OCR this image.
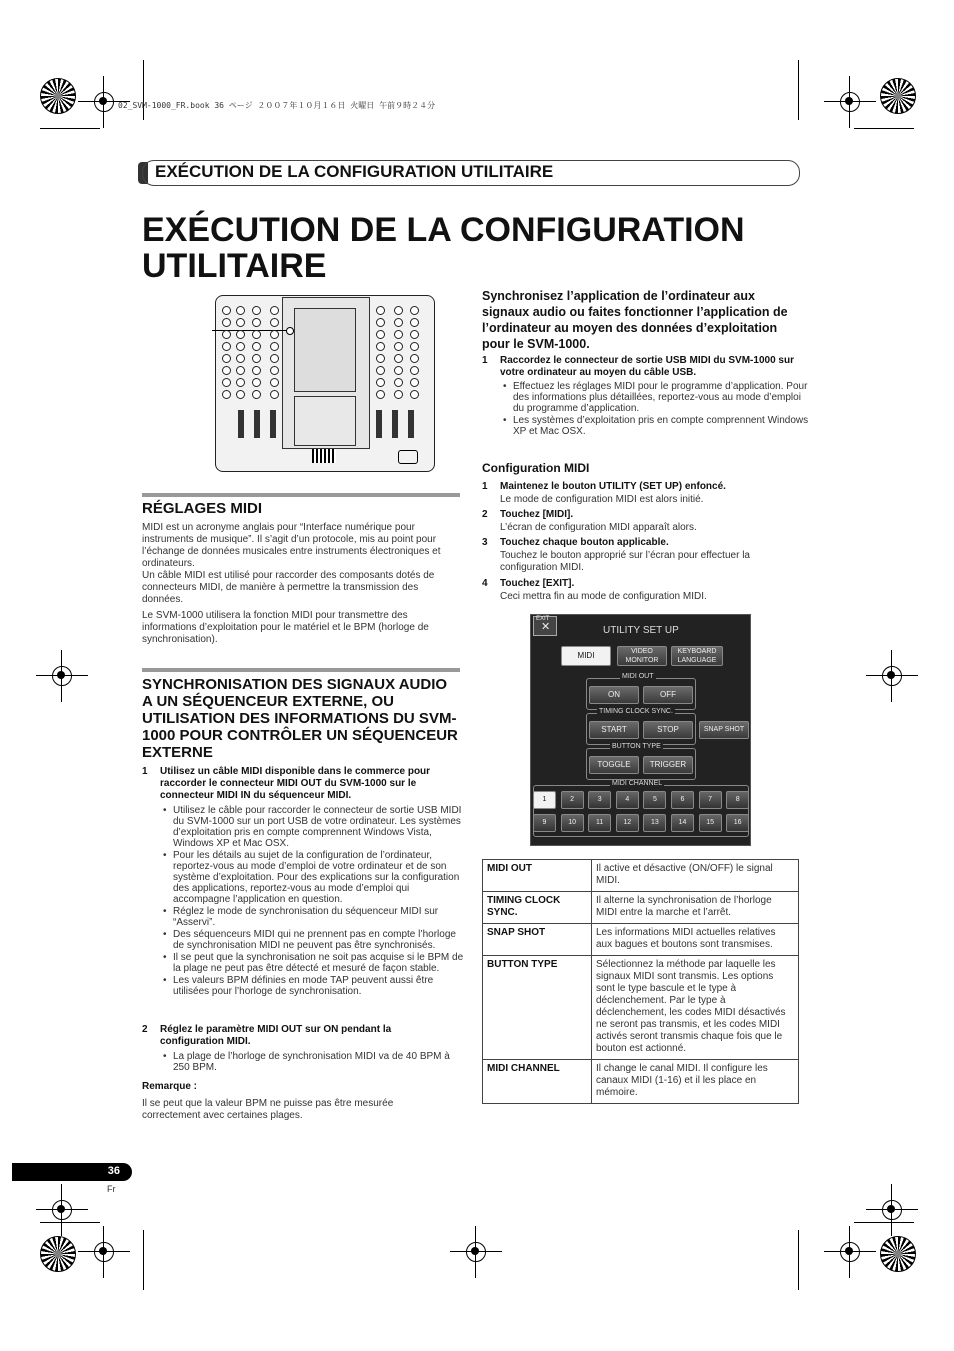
02_SVM-1000_FR.book 36 ページ ２００７年１０月１６日 火曜日 午前９時２４分
EXÉCUTION DE LA CONFIGURATION UTILITAIRE
EXÉCUTION DE LA CONFIGURATION UTILITAIRE
RÉGLAGES MIDI

MIDI est un acronyme anglais pour “Interface numérique pour instruments de musique”. Il s’agit d’un protocole, mis au point pour l’échange de données musicales entre instruments électroniques et ordinateurs.

Un câble MIDI est utilisé pour raccorder des composants dotés de connecteurs MIDI, de manière à permettre la transmission des données.

Le SVM-1000 utilisera la fonction MIDI pour transmettre des informations d’exploitation pour le matériel et le BPM (horloge de synchronisation).

SYNCHRONISATION DES SIGNAUX AUDIO A UN SÉQUENCEUR EXTERNE, OU UTILISATION DES INFORMATIONS DU SVM-1000 POUR CONTRÔLER UN SÉQUENCEUR EXTERNE
1 Utilisez un câble MIDI disponible dans le commerce pour raccorder le connecteur MIDI OUT du SVM-1000 sur le connecteur MIDI IN du séquenceur MIDI.
• Utilisez le câble pour raccorder le connecteur de sortie USB MIDI du SVM-1000 sur un port USB de votre ordinateur. Les systèmes d’exploitation pris en compte comprennent Windows Vista, Windows XP et Mac OSX.
• Pour les détails au sujet de la configuration de l’ordinateur, reportez-vous au mode d’emploi de votre ordinateur et de son système d’exploitation. Pour des explications sur la configuration des applications, reportez-vous au mode d’emploi qui accompagne l’application en question.
• Réglez le mode de synchronisation du séquenceur MIDI sur “Asservi”.
• Des séquenceurs MIDI qui ne prennent pas en compte l’horloge de synchronisation MIDI ne peuvent pas être synchronisés.
• Il se peut que la synchronisation ne soit pas acquise si le BPM de la plage ne peut pas être détecté et mesuré de façon stable.
• Les valeurs BPM définies en mode TAP peuvent aussi être utilisées pour l’horloge de synchronisation.
2 Réglez le paramètre MIDI OUT sur ON pendant la configuration MIDI.
• La plage de l’horloge de synchronisation MIDI va de 40 BPM à 250 BPM.
Remarque :
Il se peut que la valeur BPM ne puisse pas être mesurée correctement avec certaines plages.
Synchronisez l’application de l’ordinateur aux signaux audio ou faites fonctionner l’application de l’ordinateur au moyen des données d’exploitation pour le SVM-1000.
1 Raccordez le connecteur de sortie USB MIDI du SVM-1000 sur votre ordinateur au moyen du câble USB.
• Effectuez les réglages MIDI pour le programme d’application. Pour des informations plus détaillées, reportez-vous au mode d’emploi du programme d’application.
• Les systèmes d’exploitation pris en compte comprennent Windows XP et Mac OSX.
Configuration MIDI
1 Maintenez le bouton UTILITY (SET UP) enfoncé.
Le mode de configuration MIDI est alors initié.
2 Touchez [MIDI].
L’écran de configuration MIDI apparaît alors.
3 Touchez chaque bouton applicable.
Touchez le bouton approprié sur l’écran pour effectuer la configuration MIDI.
4 Touchez [EXIT].
Ceci mettra fin au mode de configuration MIDI.
EXIT
✕	UTILITY SET UP
MIDI	VIDEO MONITOR
KEYBOARD LANGUAGE
MIDI OUT
ON	OFF
TIMING CLOCK SYNC.
START	STOP	SNAP SHOT
BUTTON TYPE
TOGGLE	TRIGGER
MIDI CHANNEL
1	2	3	4	5	6	7	8
9	10	11	12	13	14	15	16
MIDI OUT	Il active et désactive (ON/OFF) le signal MIDI.
TIMING CLOCK SYNC.	Il alterne la synchronisation de l’horloge MIDI entre la marche et l’arrêt.
SNAP SHOT	Les informations MIDI actuelles relatives aux bagues et boutons sont transmises.
BUTTON TYPE	Sélectionnez la méthode par laquelle les signaux MIDI sont transmis. Les options sont le type bascule et le type à déclenchement. Par le type à déclenchement, les codes MIDI désactivés ne seront pas transmis, et les codes MIDI activés seront transmis chaque fois que le bouton est actionné.
MIDI CHANNEL	Il change le canal MIDI. Il configure les canaux MIDI (1-16) et il les place en mémoire.
36
Fr
